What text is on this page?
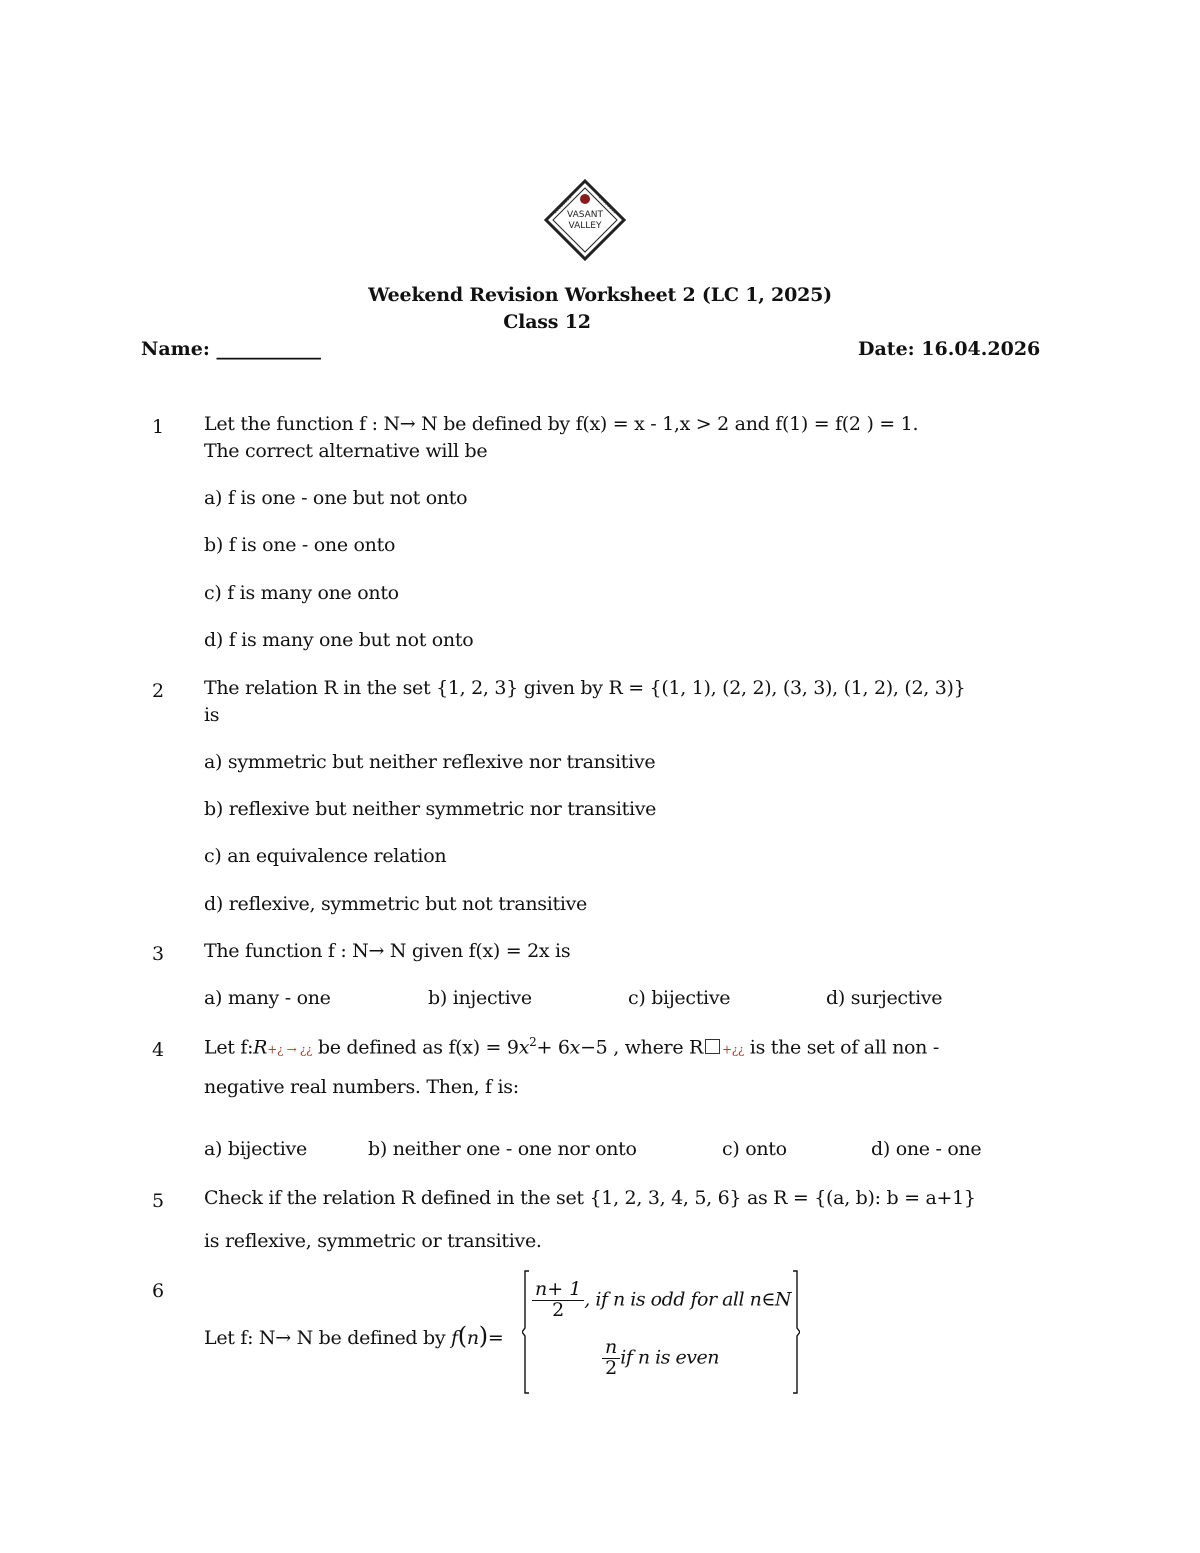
VASANT
VALLEY
Weekend Revision Worksheet 2 (LC 1, 2025)
Class 12
Name: ___________	Date: 16.04.2026
1 Let the function f : N→ N be defined by f(x) = x - 1,x > 2 and f(1) = f(2 ) = 1.
The correct alternative will be
a) f is one - one but not onto
b) f is one - one onto
c) f is many one onto
d) f is many one but not onto
2 The relation R in the set {1, 2, 3} given by R = {(1, 1), (2, 2), (3, 3), (1, 2), (2, 3)}
is
a) symmetric but neither reflexive nor transitive
b) reflexive but neither symmetric nor transitive
c) an equivalence relation
d) reflexive, symmetric but not transitive
3 The function f : N→ N given f(x) = 2x is
a) many - one	b) injective	c) bijective	d) surjective
4 Let f:R+¿ → ¿¿ be defined as $f(x) = 9x^2+ 6x-5$ , where R +¿¿ is the set of all non -
negative real numbers. Then, f is:
a) bijective	b) neither one - one nor onto	c) onto	d) one - one
5 Check if the relation R defined in the set {1, 2, 3, 4, 5, 6} as R = {(a, b): b = a+1}
is reflexive, symmetric or transitive.
6
Let f: N→ N be defined by f(n)=
$\frac{n+ 1}{2}$ , if n is odd for all n∈N
$\frac{n}{2}$ if n is even
